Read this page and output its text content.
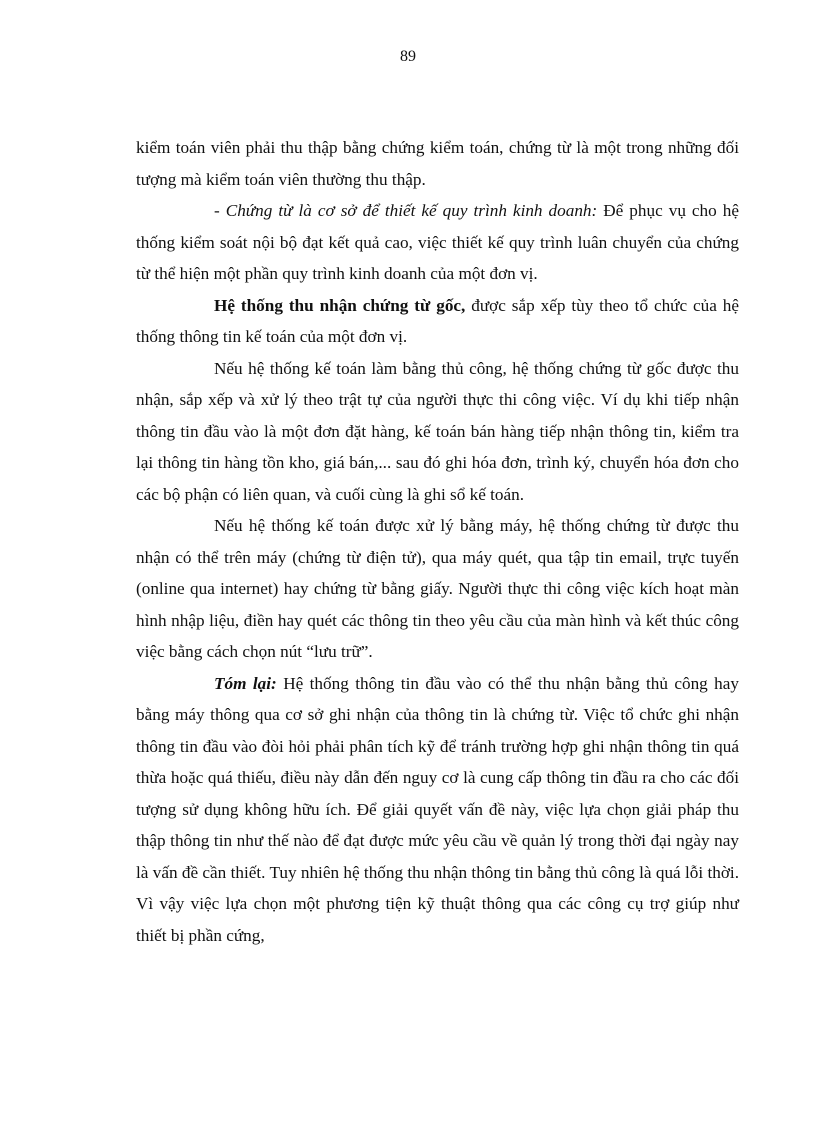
89

kiểm toán viên phải thu thập bằng chứng kiểm toán, chứng từ là một trong những đối tượng mà kiểm toán viên thường thu thập.

- Chứng từ là cơ sở để thiết kế quy trình kinh doanh: Để phục vụ cho hệ thống kiểm soát nội bộ đạt kết quả cao, việc thiết kế quy trình luân chuyển của chứng từ thể hiện một phần quy trình kinh doanh của một đơn vị.

Hệ thống thu nhận chứng từ gốc, được sắp xếp tùy theo tổ chức của hệ thống thông tin kế toán của một đơn vị.

Nếu hệ thống kế toán làm bằng thủ công, hệ thống chứng từ gốc được thu nhận, sắp xếp và xử lý theo trật tự của người thực thi công việc. Ví dụ khi tiếp nhận thông tin đầu vào là một đơn đặt hàng, kế toán bán hàng tiếp nhận thông tin, kiểm tra lại thông tin hàng tồn kho, giá bán,... sau đó ghi hóa đơn, trình ký, chuyển hóa đơn cho các bộ phận có liên quan, và cuối cùng là ghi sổ kế toán.

Nếu hệ thống kế toán được xử lý bằng máy, hệ thống chứng từ được thu nhận có thể trên máy (chứng từ điện tử), qua máy quét, qua tập tin email, trực tuyến (online qua internet) hay chứng từ bằng giấy. Người thực thi công việc kích hoạt màn hình nhập liệu, điền hay quét các thông tin theo yêu cầu của màn hình và kết thúc công việc bằng cách chọn nút “lưu trữ”.

Tóm lại: Hệ thống thông tin đầu vào có thể thu nhận bằng thủ công hay bằng máy thông qua cơ sở ghi nhận của thông tin là chứng từ. Việc tổ chức ghi nhận thông tin đầu vào đòi hỏi phải phân tích kỹ để tránh trường hợp ghi nhận thông tin quá thừa hoặc quá thiếu, điều này dẫn đến nguy cơ là cung cấp thông tin đầu ra cho các đối tượng sử dụng không hữu ích. Để giải quyết vấn đề này, việc lựa chọn giải pháp thu thập thông tin như thế nào để đạt được mức yêu cầu về quản lý trong thời đại ngày nay là vấn đề cần thiết. Tuy nhiên hệ thống thu nhận thông tin bằng thủ công là quá lỗi thời. Vì vậy việc lựa chọn một phương tiện kỹ thuật thông qua các công cụ trợ giúp như thiết bị phần cứng,
